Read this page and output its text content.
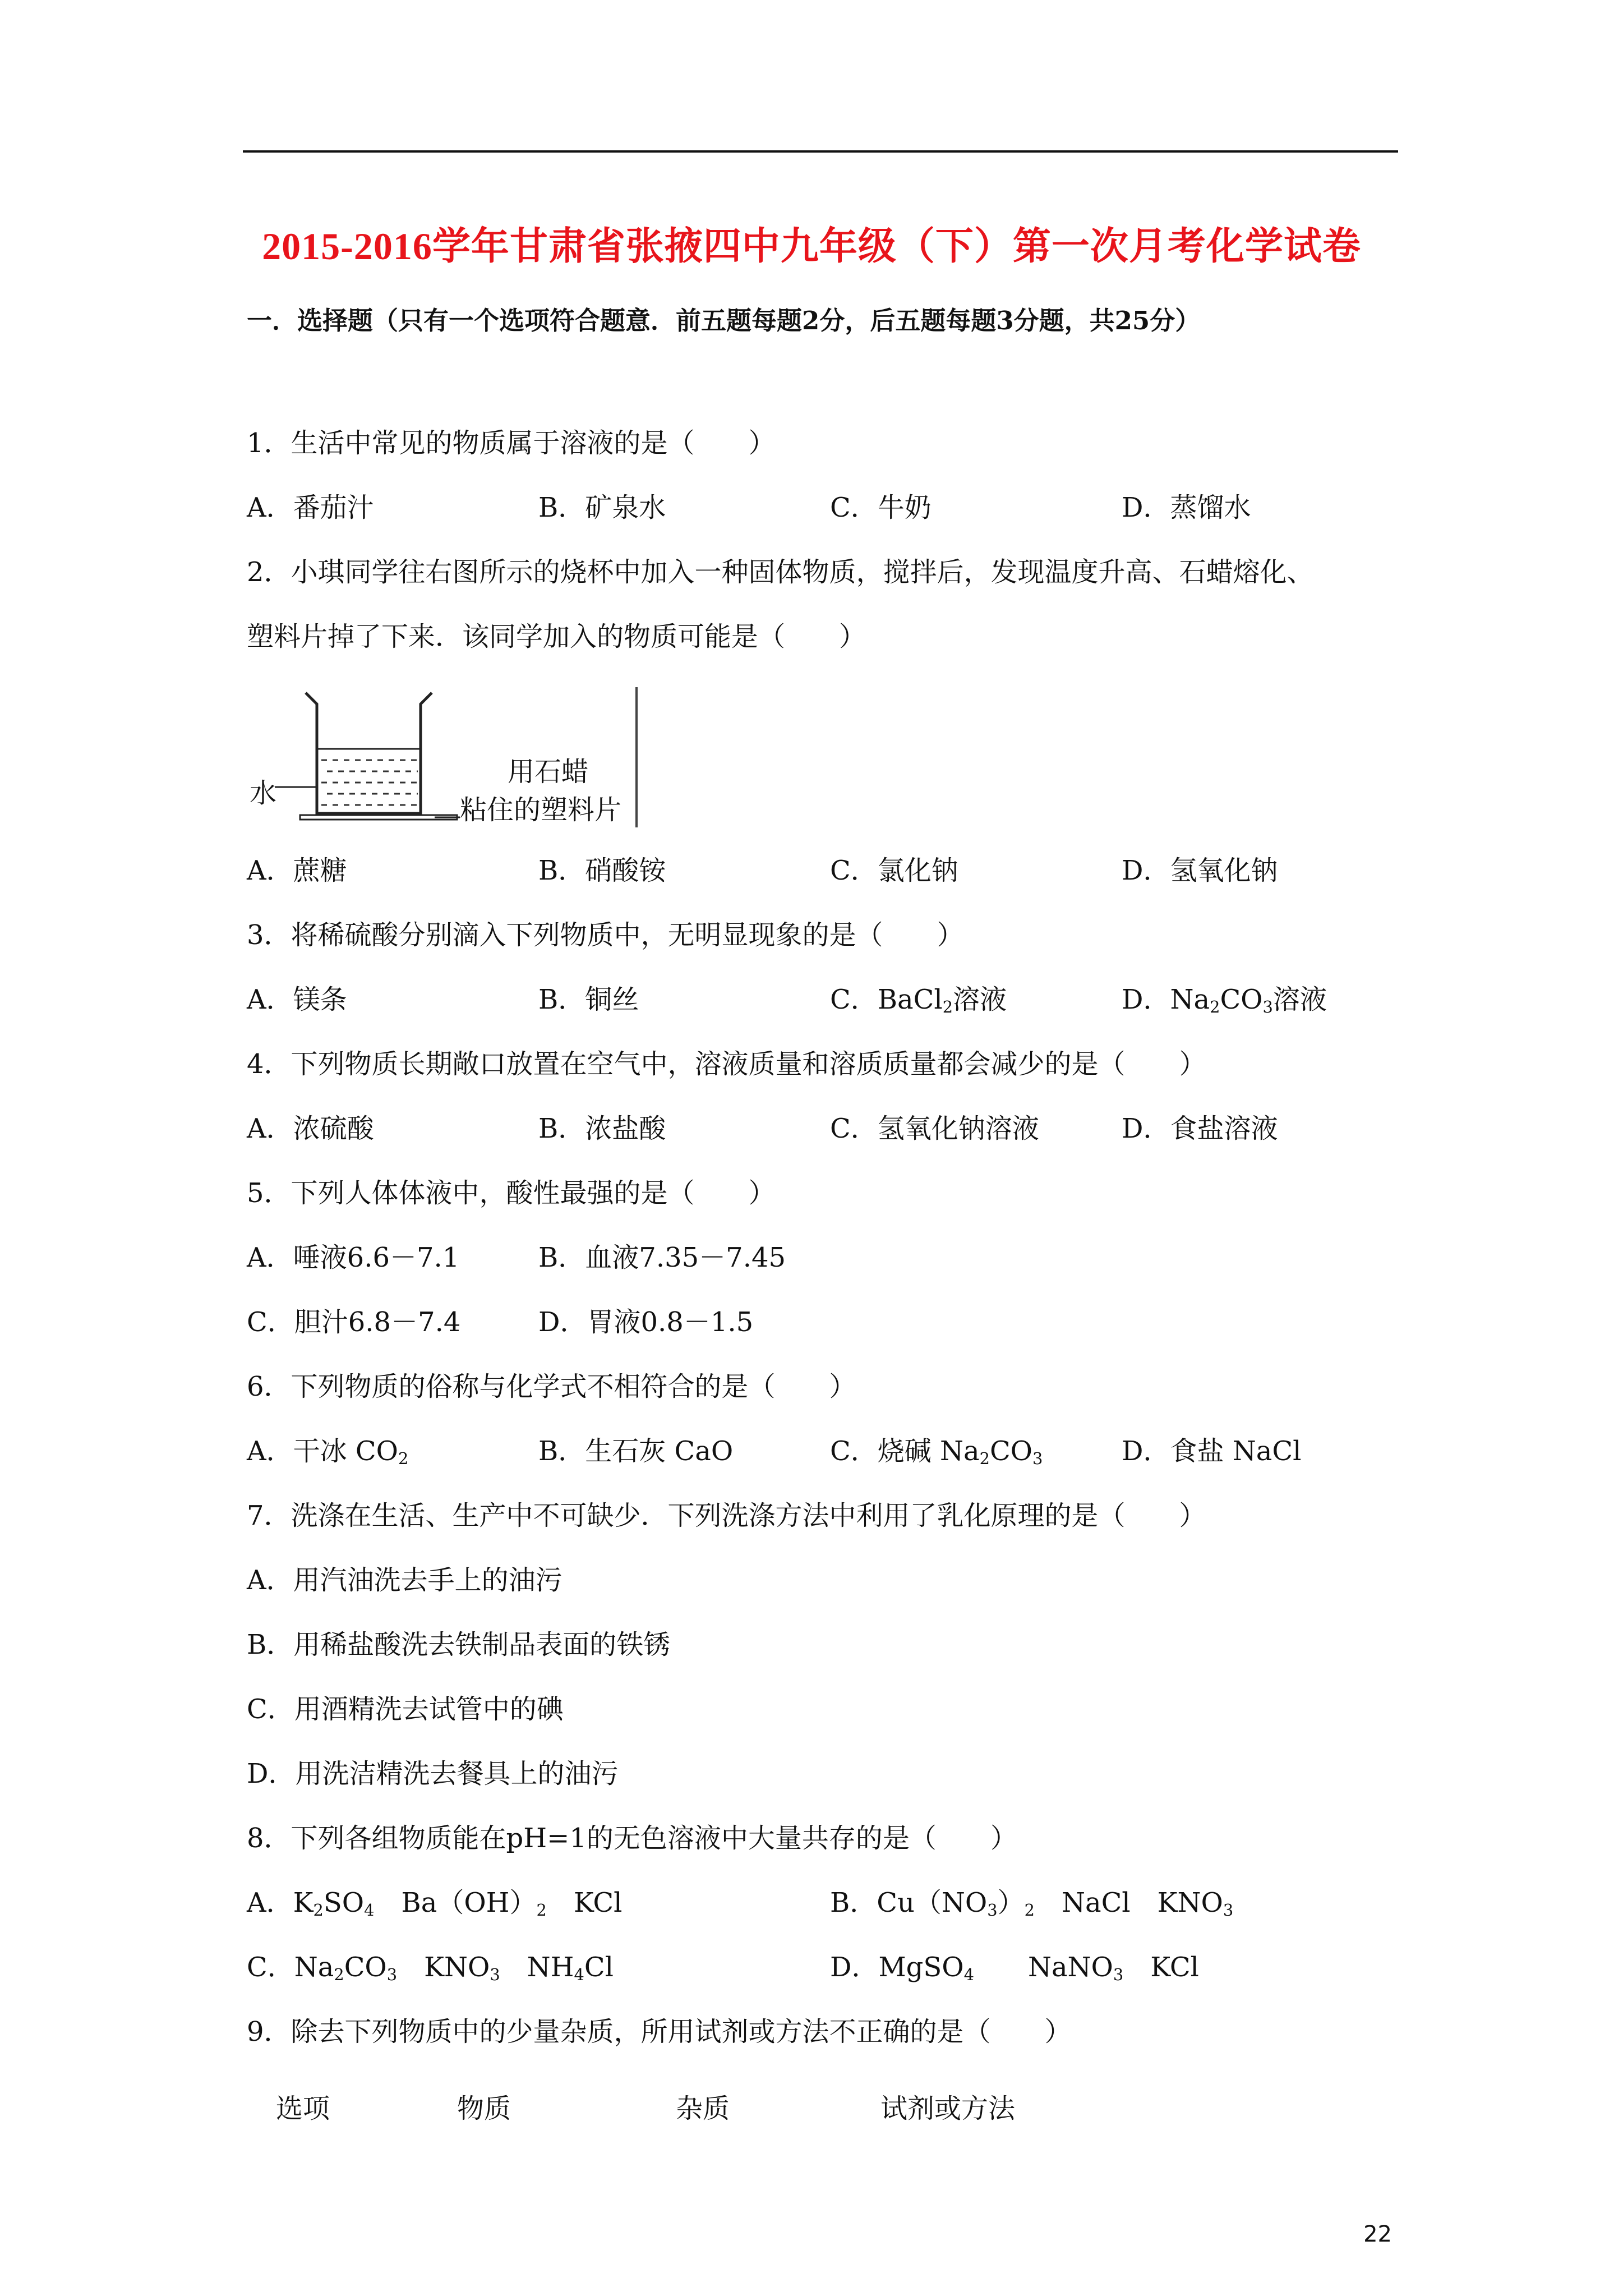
2015-2016学年甘肃省张掖四中九年级（下）第一次月考化学试卷
一．选择题（只有一个选项符合题意．前五题每题2分，后五题每题3分题，共25分）
1．生活中常见的物质属于溶液的是（　　）
A．番茄汁	B．矿泉水	C．牛奶	D．蒸馏水
2．小琪同学往右图所示的烧杯中加入一种固体物质，搅拌后，发现温度升高、石蜡熔化、
塑料片掉了下来．该同学加入的物质可能是（　　）
水
用石蜡
粘住的塑料片
A．蔗糖	B．硝酸铵	C．氯化钠	D．氢氧化钠
3．将稀硫酸分别滴入下列物质中，无明显现象的是（　　）
A．镁条	B．铜丝	C．BaCl$_2$溶液	D．$Na_2CO_3$溶液
4．下列物质长期敞口放置在空气中，溶液质量和溶质质量都会减少的是（　　）
A．浓硫酸	B．浓盐酸	C．氢氧化钠溶液	D．食盐溶液
5．下列人体体液中，酸性最强的是（　　）
A．唾液6.6－7.1	B．血液7.35－7.45
C．胆汁6.8－7.4	D．胃液0.8－1.5
6．下列物质的俗称与化学式不相符合的是（　　）
A．干冰 $CO_2$	B．生石灰 CaO	C．烧碱 $Na_2CO_3$	D．食盐 NaCl
7．洗涤在生活、生产中不可缺少．下列洗涤方法中利用了乳化原理的是（　　）
A．用汽油洗去手上的油污
B．用稀盐酸洗去铁制品表面的铁锈
C．用酒精洗去试管中的碘
D．用洗洁精洗去餐具上的油污
8．下列各组物质能在pH=1的无色溶液中大量共存的是（　　）
A．$K_2SO_4$　$Ba(OH)_2$　KCl	B．$Cu(NO_3)_2$　NaCl　$KNO_3$
C．$Na_2CO_3$　$KNO_3$　$NH_4Cl$	D．MgSO$_4$　　NaNO$_3$　KCl
9．除去下列物质中的少量杂质，所用试剂或方法不正确的是（　　）
选项	物质	杂质	试剂或方法
22
